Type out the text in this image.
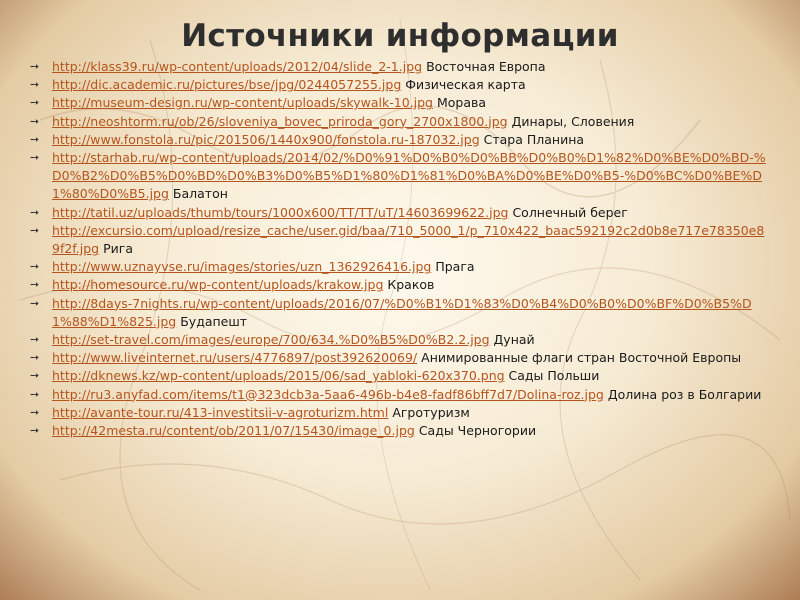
Источники информации
➙	http://klass39.ru/wp-content/uploads/2012/04/slide_2-1.jpg Восточная Европа
➙	http://dic.academic.ru/pictures/bse/jpg/0244057255.jpg Физическая карта
➙	http://museum-design.ru/wp-content/uploads/skywalk-10.jpg Морава
➙	http://neoshtorm.ru/ob/26/sloveniya_bovec_priroda_gory_2700x1800.jpg Динары, Словения
➙	http://www.fonstola.ru/pic/201506/1440x900/fonstola.ru-187032.jpg Стара Планина
➙	http://starhab.ru/wp-content/uploads/2014/02/%D0%91%D0%B0%D0%BB%D0%B0%D1%82%D0%BE%D0%BD-%D0%B2%D0%B5%D0%BD%D0%B3%D0%B5%D1%80%D1%81%D0%BA%D0%BE%D0%B5-%D0%BC%D0%BE%D1%80%D0%B5.jpg Балатон
➙	http://tatil.uz/uploads/thumb/tours/1000x600/TT/TT/uT/14603699622.jpg Солнечный берег
➙	http://excursio.com/upload/resize_cache/user.gid/baa/710_5000_1/p_710x422_baac592192c2d0b8e717e78350e89f2f.jpg Рига
➙	http://www.uznayvse.ru/images/stories/uzn_1362926416.jpg Прага
➙	http://homesource.ru/wp-content/uploads/krakow.jpg Краков
➙	http://8days-7nights.ru/wp-content/uploads/2016/07/%D0%B1%D1%83%D0%B4%D0%B0%D0%BF%D0%B5%D1%88%D1%825.jpg Будапешт
➙	http://set-travel.com/images/europe/700/634.%D0%B5%D0%B2.2.jpg Дунай
➙	http://www.liveinternet.ru/users/4776897/post392620069/ Анимированные флаги стран Восточной Европы
➙	http://dknews.kz/wp-content/uploads/2015/06/sad_yabloki-620x370.png Сады Польши
➙	http://ru3.anyfad.com/items/t1@323dcb3a-5aa6-496b-b4e8-fadf86bff7d7/Dolina-roz.jpg Долина роз в Болгарии
➙	http://avante-tour.ru/413-investitsii-v-agroturizm.html Агротуризм
➙	http://42mesta.ru/content/ob/2011/07/15430/image_0.jpg Сады Черногории
